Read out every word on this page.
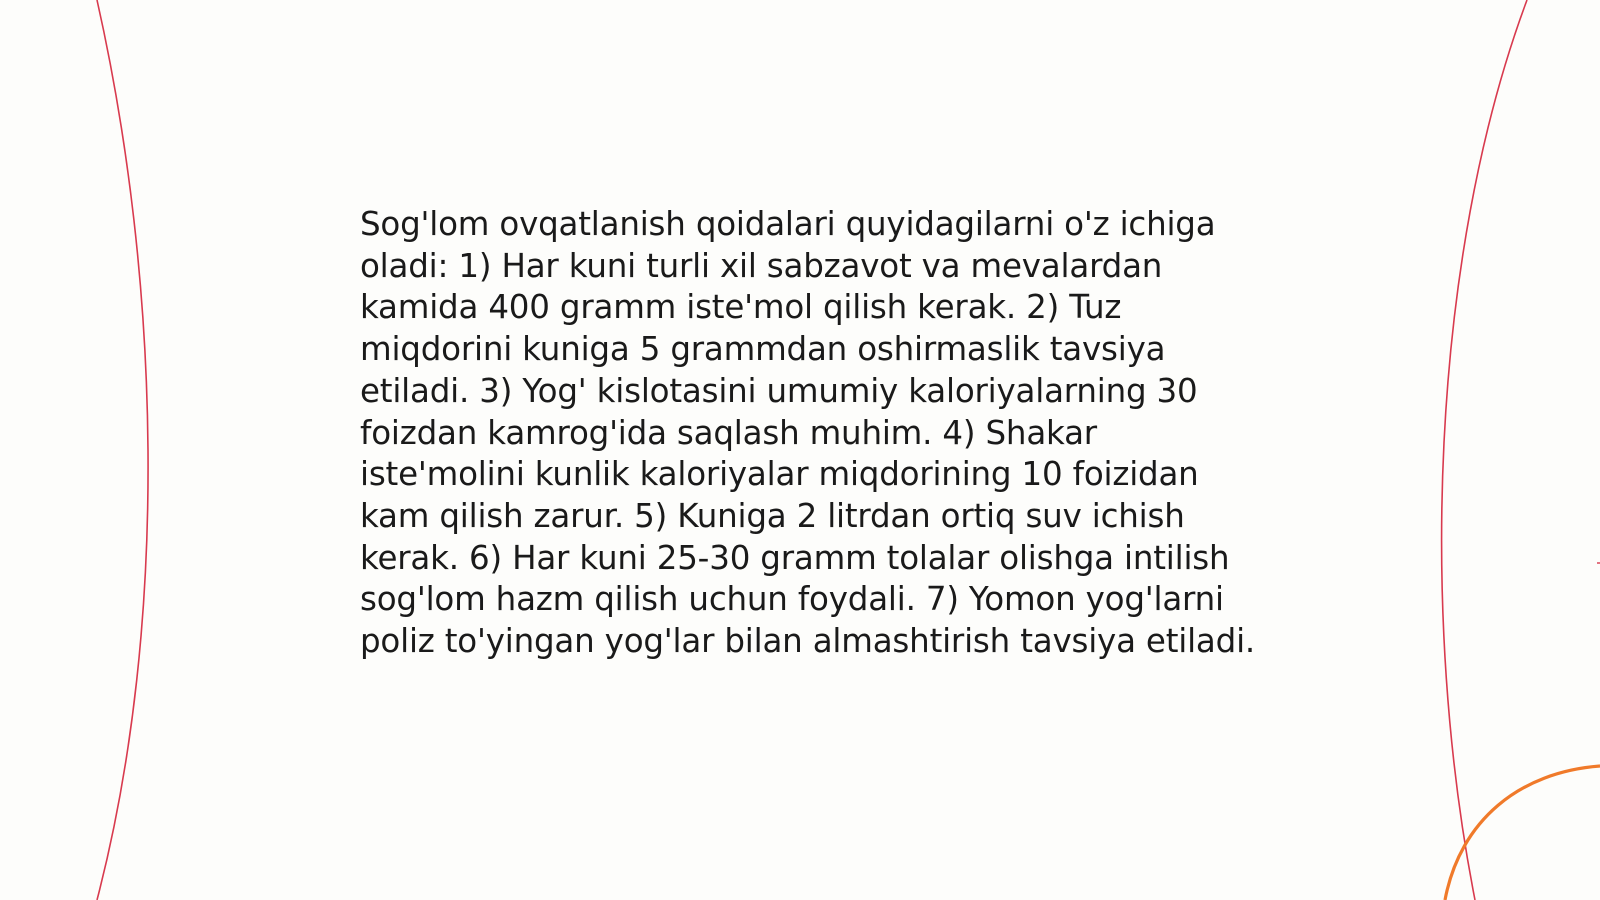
Sog'lom ovqatlanish qoidalari quyidagilarni o'z ichiga oladi: 1) Har kuni turli xil sabzavot va mevalardan kamida 400 gramm iste'mol qilish kerak. 2) Tuz miqdorini kuniga 5 grammdan oshirmaslik tavsiya etiladi. 3) Yog' kislotasini umumiy kaloriyalarning 30 foizdan kamrog'ida saqlash muhim. 4) Shakar iste'molini kunlik kaloriyalar miqdorining 10 foizidan kam qilish zarur. 5) Kuniga 2 litrdan ortiq suv ichish kerak. 6) Har kuni 25-30 gramm tolalar olishga intilish sog'lom hazm qilish uchun foydali. 7) Yomon yog'larni poliz to'yingan yog'lar bilan almashtirish tavsiya etiladi.
